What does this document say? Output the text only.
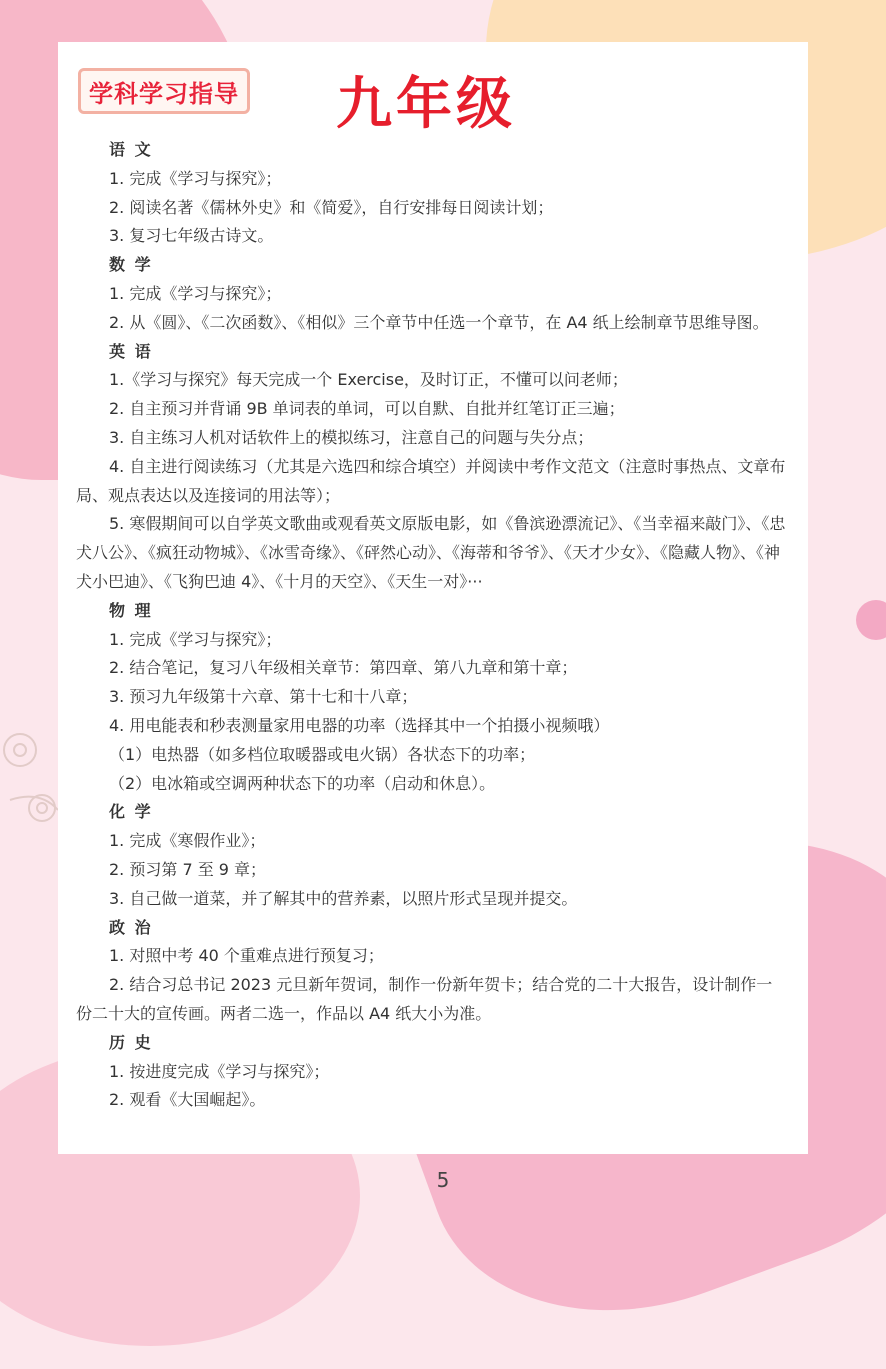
学科学习指导 九年级
语 文
1. 完成《学习与探究》；
2. 阅读名著《儒林外史》和《简爱》，自行安排每日阅读计划；
3. 复习七年级古诗文。
数 学
1. 完成《学习与探究》；
2. 从《圆》、《二次函数》、《相似》三个章节中任选一个章节，在 A4 纸上绘制章节思维导图。
英 语
1.《学习与探究》每天完成一个 Exercise，及时订正，不懂可以问老师；
2. 自主预习并背诵 9B 单词表的单词，可以自默、自批并红笔订正三遍；
3. 自主练习人机对话软件上的模拟练习，注意自己的问题与失分点；
4. 自主进行阅读练习（尤其是六选四和综合填空）并阅读中考作文范文（注意时事热点、文章布局、观点表达以及连接词的用法等）；
5. 寒假期间可以自学英文歌曲或观看英文原版电影，如《鲁滨逊漂流记》、《当幸福来敲门》、《忠犬八公》、《疯狂动物城》、《冰雪奇缘》、《砰然心动》、《海蒂和爷爷》、《天才少女》、《隐藏人物》、《神犬小巴迪》、《飞狗巴迪 4》、《十月的天空》、《天生一对》···
物 理
1. 完成《学习与探究》；
2. 结合笔记，复习八年级相关章节：第四章、第八九章和第十章；
3. 预习九年级第十六章、第十七和十八章；
4. 用电能表和秒表测量家用电器的功率（选择其中一个拍摄小视频哦）
（1）电热器（如多档位取暖器或电火锅）各状态下的功率；
（2）电冰箱或空调两种状态下的功率（启动和休息）。
化 学
1. 完成《寒假作业》；
2. 预习第 7 至 9 章；
3. 自己做一道菜，并了解其中的营养素，以照片形式呈现并提交。
政 治
1. 对照中考 40 个重难点进行预复习；
2. 结合习总书记 2023 元旦新年贺词，制作一份新年贺卡；结合党的二十大报告，设计制作一份二十大的宣传画。两者二选一，作品以 A4 纸大小为准。
历 史
1. 按进度完成《学习与探究》；
2. 观看《大国崛起》。
5
